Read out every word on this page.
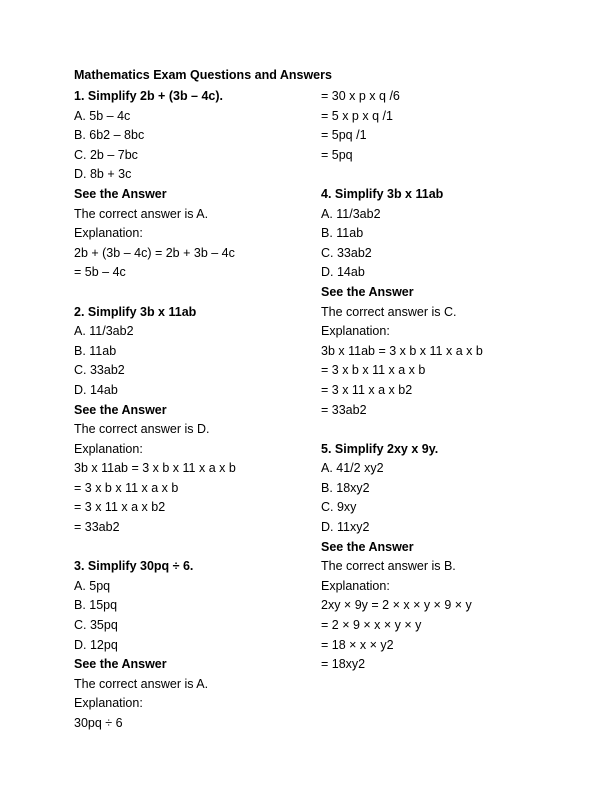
Mathematics Exam Questions and Answers
1. Simplify 2b + (3b – 4c).
A. 5b – 4c
B. 6b2 – 8bc
C. 2b – 7bc
D. 8b + 3c
See the Answer
The correct answer is A.
Explanation:
2b + (3b – 4c) = 2b + 3b – 4c
= 5b – 4c
2. Simplify 3b x 11ab
A. 11/3ab2
B. 11ab
C. 33ab2
D. 14ab
See the Answer
The correct answer is D.
Explanation:
3b x 11ab = 3 x b x 11 x a x b
= 3 x b x 11 x a x b
= 3 x 11 x a x b2
= 33ab2
3. Simplify 30pq ÷ 6.
A. 5pq
B. 15pq
C. 35pq
D. 12pq
See the Answer
The correct answer is A.
Explanation:
30pq ÷ 6
= 30 x p x q /6
= 5 x p x q /1
= 5pq /1
= 5pq
4. Simplify 3b x 11ab
A. 11/3ab2
B. 11ab
C. 33ab2
D. 14ab
See the Answer
The correct answer is C.
Explanation:
3b x 11ab = 3 x b x 11 x a x b
= 3 x b x 11 x a x b
= 3 x 11 x a x b2
= 33ab2
5. Simplify 2xy x 9y.
A. 41/2 xy2
B. 18xy2
C. 9xy
D. 11xy2
See the Answer
The correct answer is B.
Explanation:
2xy × 9y = 2 × x × y × 9 × y
= 2 × 9 × x × y × y
= 18 × x × y2
= 18xy2
